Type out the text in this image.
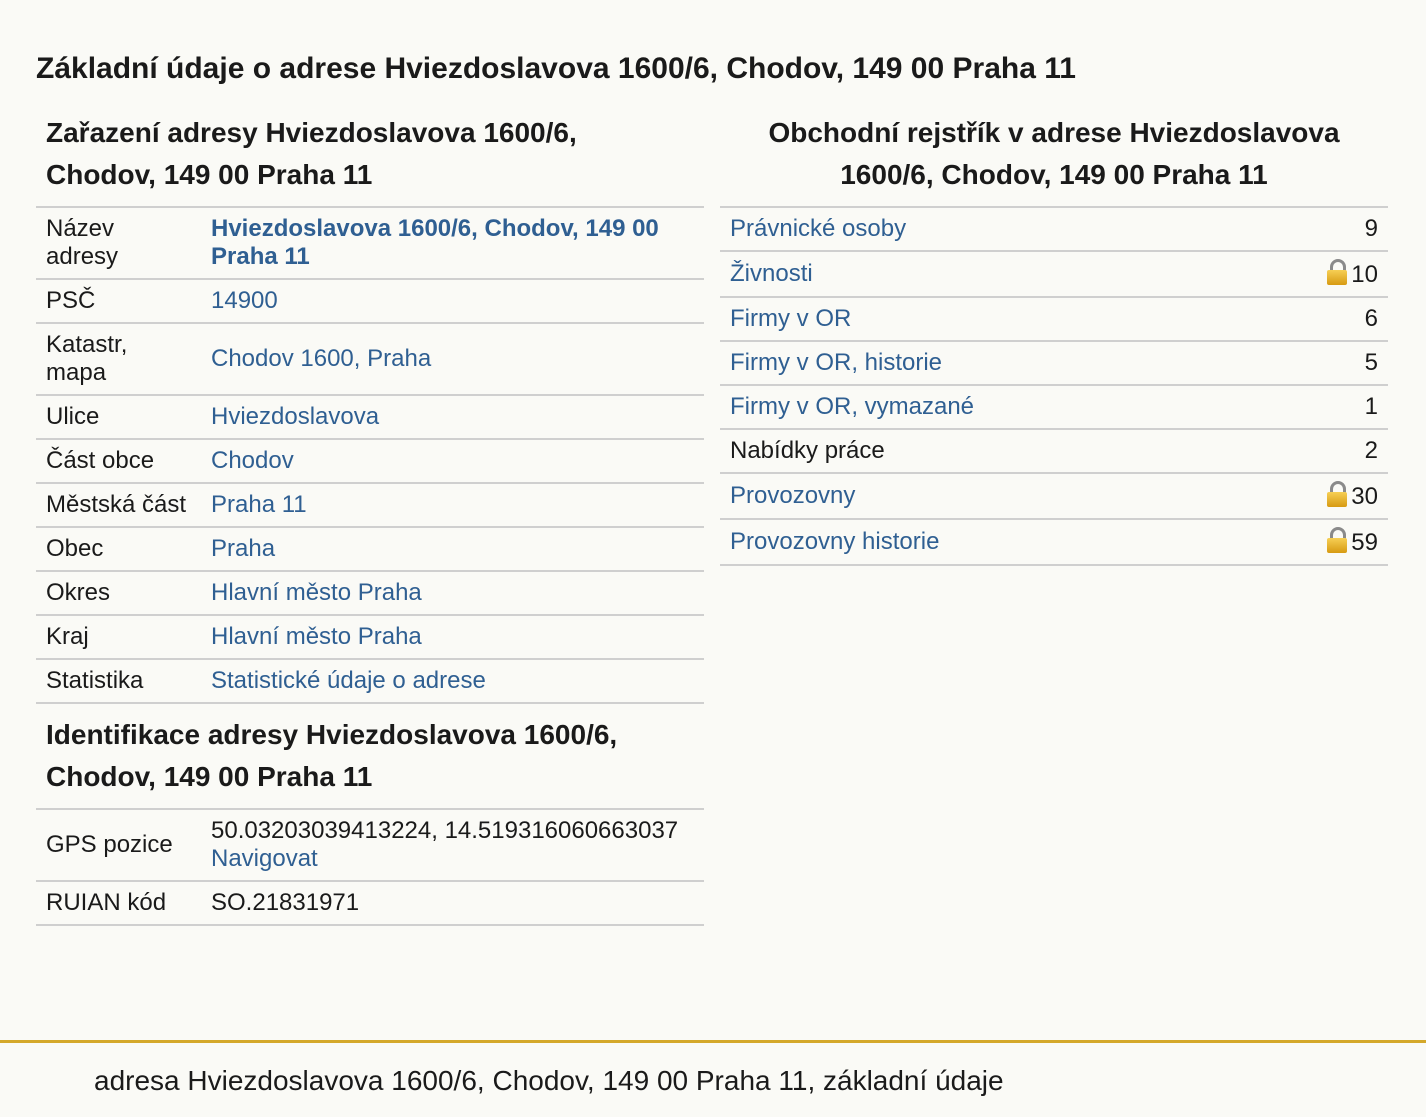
Základní údaje o adrese Hviezdoslavova 1600/6, Chodov, 149 00 Praha 11
Zařazení adresy Hviezdoslavova 1600/6, Chodov, 149 00 Praha 11
Název adresy	Hviezdoslavova 1600/6, Chodov, 149 00 Praha 11
PSČ	14900
Katastr, mapa	Chodov 1600, Praha
Ulice	Hviezdoslavova
Část obce	Chodov
Městská část	Praha 11
Obec	Praha
Okres	Hlavní město Praha
Kraj	Hlavní město Praha
Statistika	Statistické údaje o adrese
Identifikace adresy Hviezdoslavova 1600/6, Chodov, 149 00 Praha 11
GPS pozice	50.03203039413224, 14.519316060663037
Navigovat
RUIAN kód	SO.21831971
Obchodní rejstřík v adrese Hviezdoslavova 1600/6, Chodov, 149 00 Praha 11
Právnické osoby	9
Živnosti	10
Firmy v OR	6
Firmy v OR, historie	5
Firmy v OR, vymazané	1
Nabídky práce	2
Provozovny	30
Provozovny historie	59
adresa Hviezdoslavova 1600/6, Chodov, 149 00 Praha 11, základní údaje
